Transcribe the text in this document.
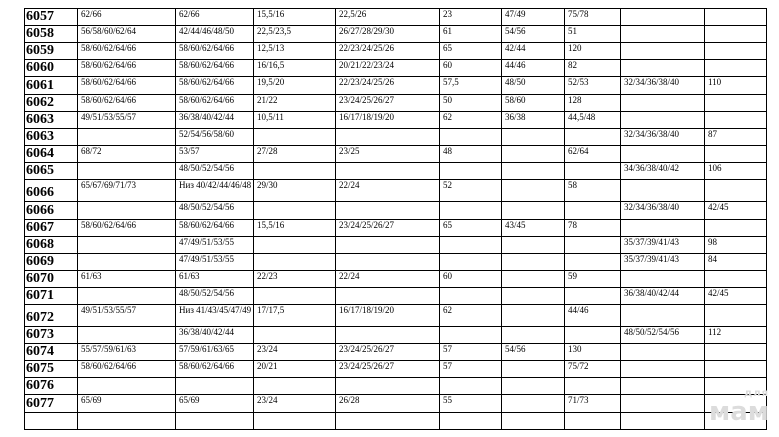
6057	62/66	62/66	15,5/16	22,5/26	23	47/49	75/78		
6058	56/58/60/62/64	42/44/46/48/50	22,5/23,5	26/27/28/29/30	61	54/56	51		
6059	58/60/62/64/66	58/60/62/64/66	12,5/13	22/23/24/25/26	65	42/44	120		
6060	58/60/62/64/66	58/60/62/64/66	16/16,5	20/21/22/23/24	60	44/46	82		
6061	58/60/62/64/66	58/60/62/64/66	19,5/20	22/23/24/25/26	57,5	48/50	52/53	32/34/36/38/40	110
6062	58/60/62/64/66	58/60/62/64/66	21/22	23/24/25/26/27	50	58/60	128		
6063	49/51/53/55/57	36/38/40/42/44	10,5/11	16/17/18/19/20	62	36/38	44,5/48		
6063		52/54/56/58/60						32/34/36/38/40	87
6064	68/72	53/57	27/28	23/25	48		62/64		
6065		48/50/52/54/56						34/36/38/40/42	106
6066	65/67/69/71/73	Низ 40/42/44/46/48	29/30	22/24	52		58		
6066		48/50/52/54/56						32/34/36/38/40	42/45
6067	58/60/62/64/66	58/60/62/64/66	15,5/16	23/24/25/26/27	65	43/45	78		
6068		47/49/51/53/55						35/37/39/41/43	98
6069		47/49/51/53/55						35/37/39/41/43	84
6070	61/63	61/63	22/23	22/24	60		59		
6071		48/50/52/54/56						36/38/40/42/44	42/45
6072	49/51/53/55/57	Низ 41/43/45/47/49	17/17,5	16/17/18/19/20	62		44/46		
6073		36/38/40/42/44						48/50/52/54/56	112
6074	55/57/59/61/63	57/59/61/63/65	23/24	23/24/25/26/27	57	54/56	130		
6075	58/60/62/64/66	58/60/62/64/66	20/21	23/24/25/26/27	57		75/72		
6076									
6077	65/69	65/69	23/24	26/28	55		71/73		

для
мам
